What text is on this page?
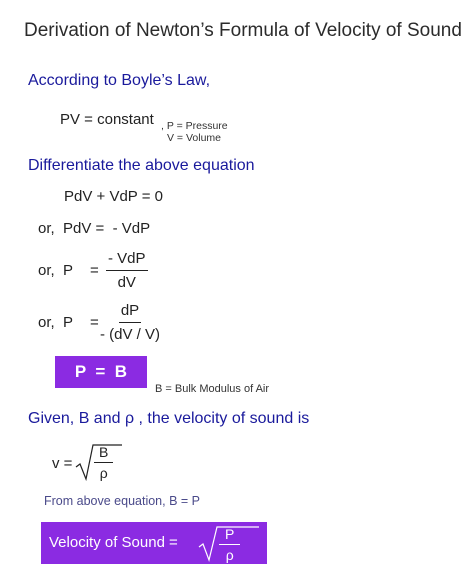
Derivation of Newton’s Formula of Velocity of Sound
According to Boyle’s Law,
PV = constant , P = Pressure
V = Volume
Differentiate the above equation
PdV + VdP = 0
or,  PdV =  - VdP
or,  $P = \frac{\text{- VdP}}{dV}$
or,  $P = \frac{dP}{- (dV / V)}$
P  =  B
B = Bulk Modulus of Air
Given, B and ρ , the velocity of sound is
$v = \frac{B}{\rho}$
From above equation, B = P
Velocity of Sound =	$\frac{P}{\rho}$
